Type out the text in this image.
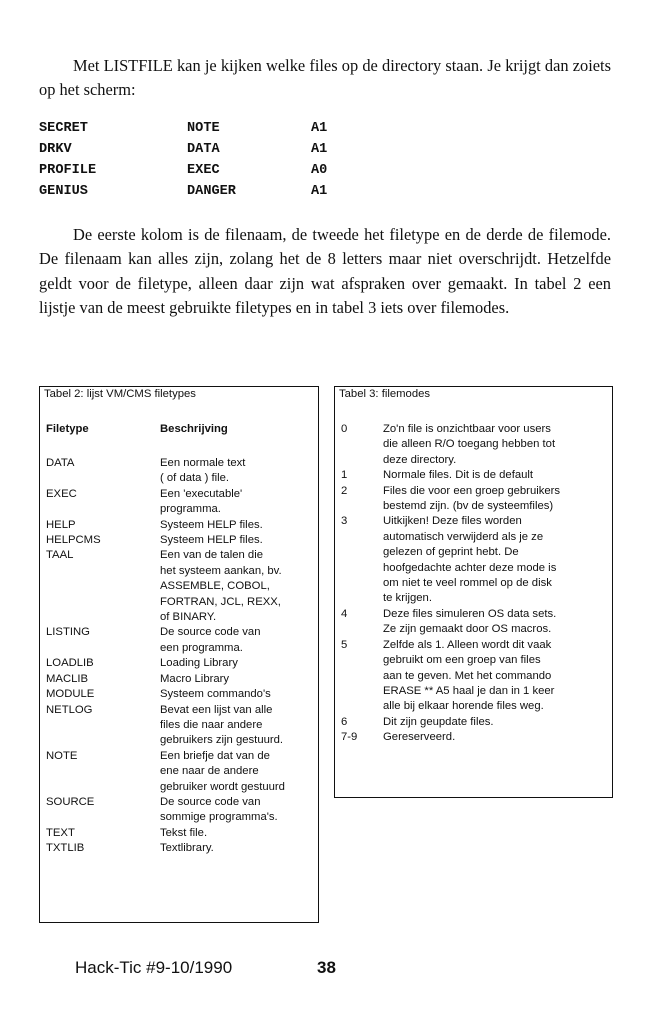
Met LISTFILE kan je kijken welke files op de directory staan. Je krijgt dan zoiets op het scherm:
SECRET	NOTE	A1
DRKV	DATA	A1
PROFILE	EXEC	A0
GENIUS	DANGER	A1
De eerste kolom is de filenaam, de tweede het filetype en de derde de filemode. De filenaam kan alles zijn, zolang het de 8 letters maar niet overschrijdt. Hetzelfde geldt voor de filetype, alleen daar zijn wat afspraken over gemaakt. In tabel 2 een lijstje van de meest gebruikte filetypes en in tabel 3 iets over filemodes.
Tabel 2: lijst VM/CMS filetypes
Filetype	Beschrijving
DATA	Een normale text
( of data ) file.
EXEC	Een 'executable'
programma.
HELP	Systeem HELP files.
HELPCMS	Systeem HELP files.
TAAL	Een van de talen die
het systeem aankan, bv.
ASSEMBLE, COBOL,
FORTRAN, JCL, REXX,
of BINARY.
LISTING	De source code van
een programma.
LOADLIB	Loading Library
MACLIB	Macro Library
MODULE	Systeem commando's
NETLOG	Bevat een lijst van alle
files die naar andere
gebruikers zijn gestuurd.
NOTE	Een briefje dat van de
ene naar de andere
gebruiker wordt gestuurd
SOURCE	De source code van
sommige programma's.
TEXT	Tekst file.
TXTLIB	Textlibrary.
Tabel 3: filemodes
0	Zo'n file is onzichtbaar voor users
die alleen R/O toegang hebben tot
deze directory.
1	Normale files. Dit is de default
2	Files die voor een groep gebruikers
bestemd zijn. (bv de systeemfiles)
3	Uitkijken! Deze files worden
automatisch verwijderd als je ze
gelezen of geprint hebt. De
hoofgedachte achter deze mode is
om niet te veel rommel op de disk
te krijgen.
4	Deze files simuleren OS data sets.
Ze zijn gemaakt door OS macros.
5	Zelfde als 1. Alleen wordt dit vaak
gebruikt om een groep van files
aan te geven. Met het commando
ERASE ** A5 haal je dan in 1 keer
alle bij elkaar horende files weg.
6	Dit zijn geupdate files.
7-9	Gereserveerd.
Hack-Tic #9-10/1990	38
